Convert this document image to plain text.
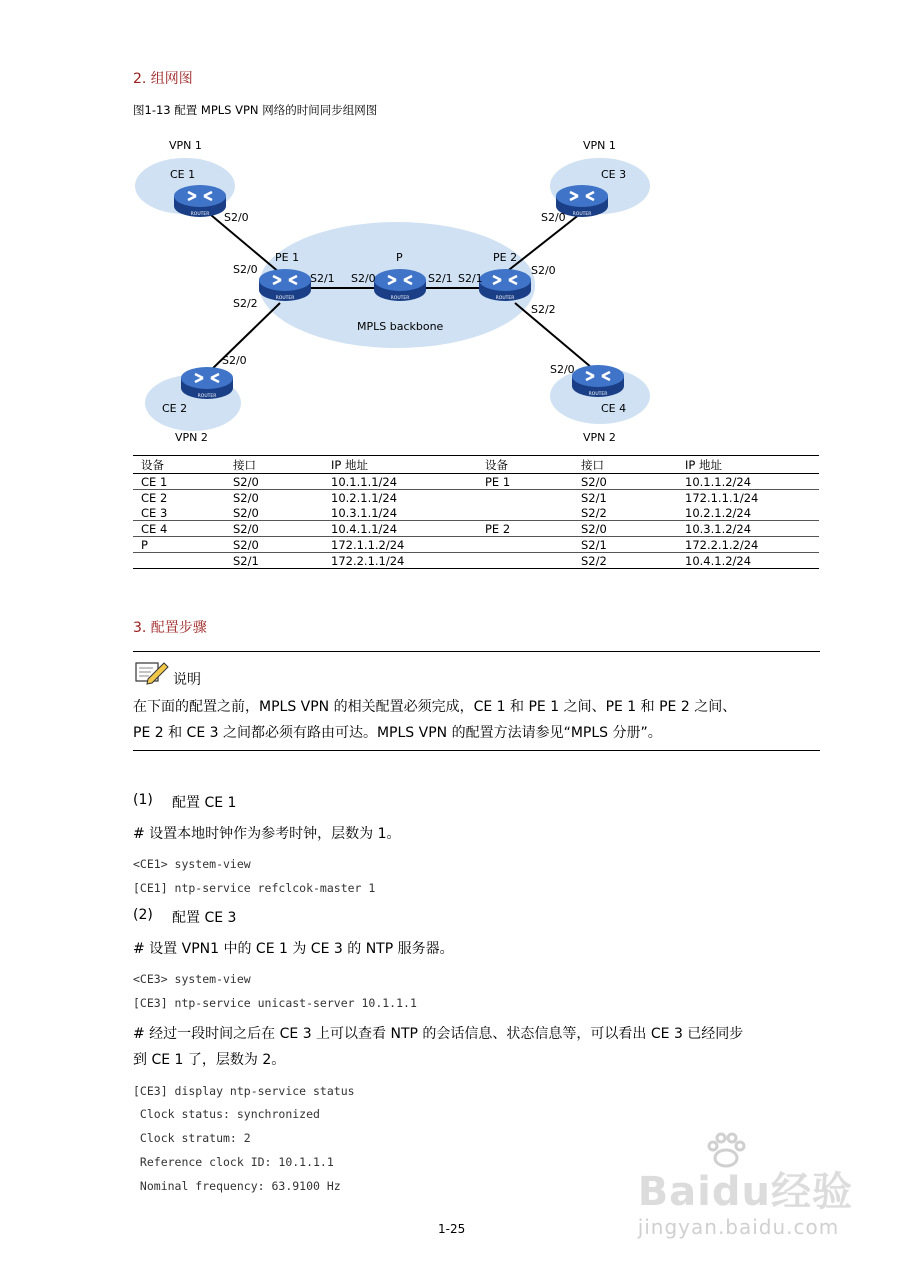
2. 组网图
图1-13 配置 MPLS VPN 网络的时间同步组网图
ROUTER	ROUTER
ROUTER	ROUTER	ROUTER
ROUTER	ROUTER
VPN 1	VPN 1
VPN 2	VPN 2
CE 1	CE 3
PE 1	P	PE 2
CE 2	CE 4
MPLS backbone
S2/0
S2/0
S2/1
S2/2
S2/0	S2/1 S2/1
S2/0
S2/2
S2/0
S2/0
S2/0
设备	接口	IP 地址	设备	接口	IP 地址
CE 1	S2/0	10.1.1.1/24	PE 1	S2/0	10.1.1.2/24
CE 2	S2/0	10.2.1.1/24		S2/1	172.1.1.1/24
CE 3	S2/0	10.3.1.1/24		S2/2	10.2.1.2/24
CE 4	S2/0	10.4.1.1/24	PE 2	S2/0	10.3.1.2/24
P	S2/0	172.1.1.2/24		S2/1	172.2.1.2/24
	S2/1	172.2.1.1/24		S2/2	10.4.1.2/24
3. 配置步骤
说明
在下面的配置之前，MPLS VPN 的相关配置必须完成，CE 1 和 PE 1 之间、PE 1 和 PE 2 之间、
PE 2 和 CE 3 之间都必须有路由可达。MPLS VPN 的配置方法请参见“MPLS 分册”。
(1) 配置 CE 1
# 设置本地时钟作为参考时钟，层数为 1。
<CE1> system-view
[CE1] ntp-service refclcok-master 1
(2) 配置 CE 3
# 设置 VPN1 中的 CE 1 为 CE 3 的 NTP 服务器。
<CE3> system-view
[CE3] ntp-service unicast-server 10.1.1.1
# 经过一段时间之后在 CE 3 上可以查看 NTP 的会话信息、状态信息等，可以看出 CE 3 已经同步
到 CE 1 了，层数为 2。
[CE3] display ntp-service status
Clock status: synchronized
Clock stratum: 2
Reference clock ID: 10.1.1.1
Nominal frequency: 63.9100 Hz
1-25
Baidu经验
jingyan.baidu.com
